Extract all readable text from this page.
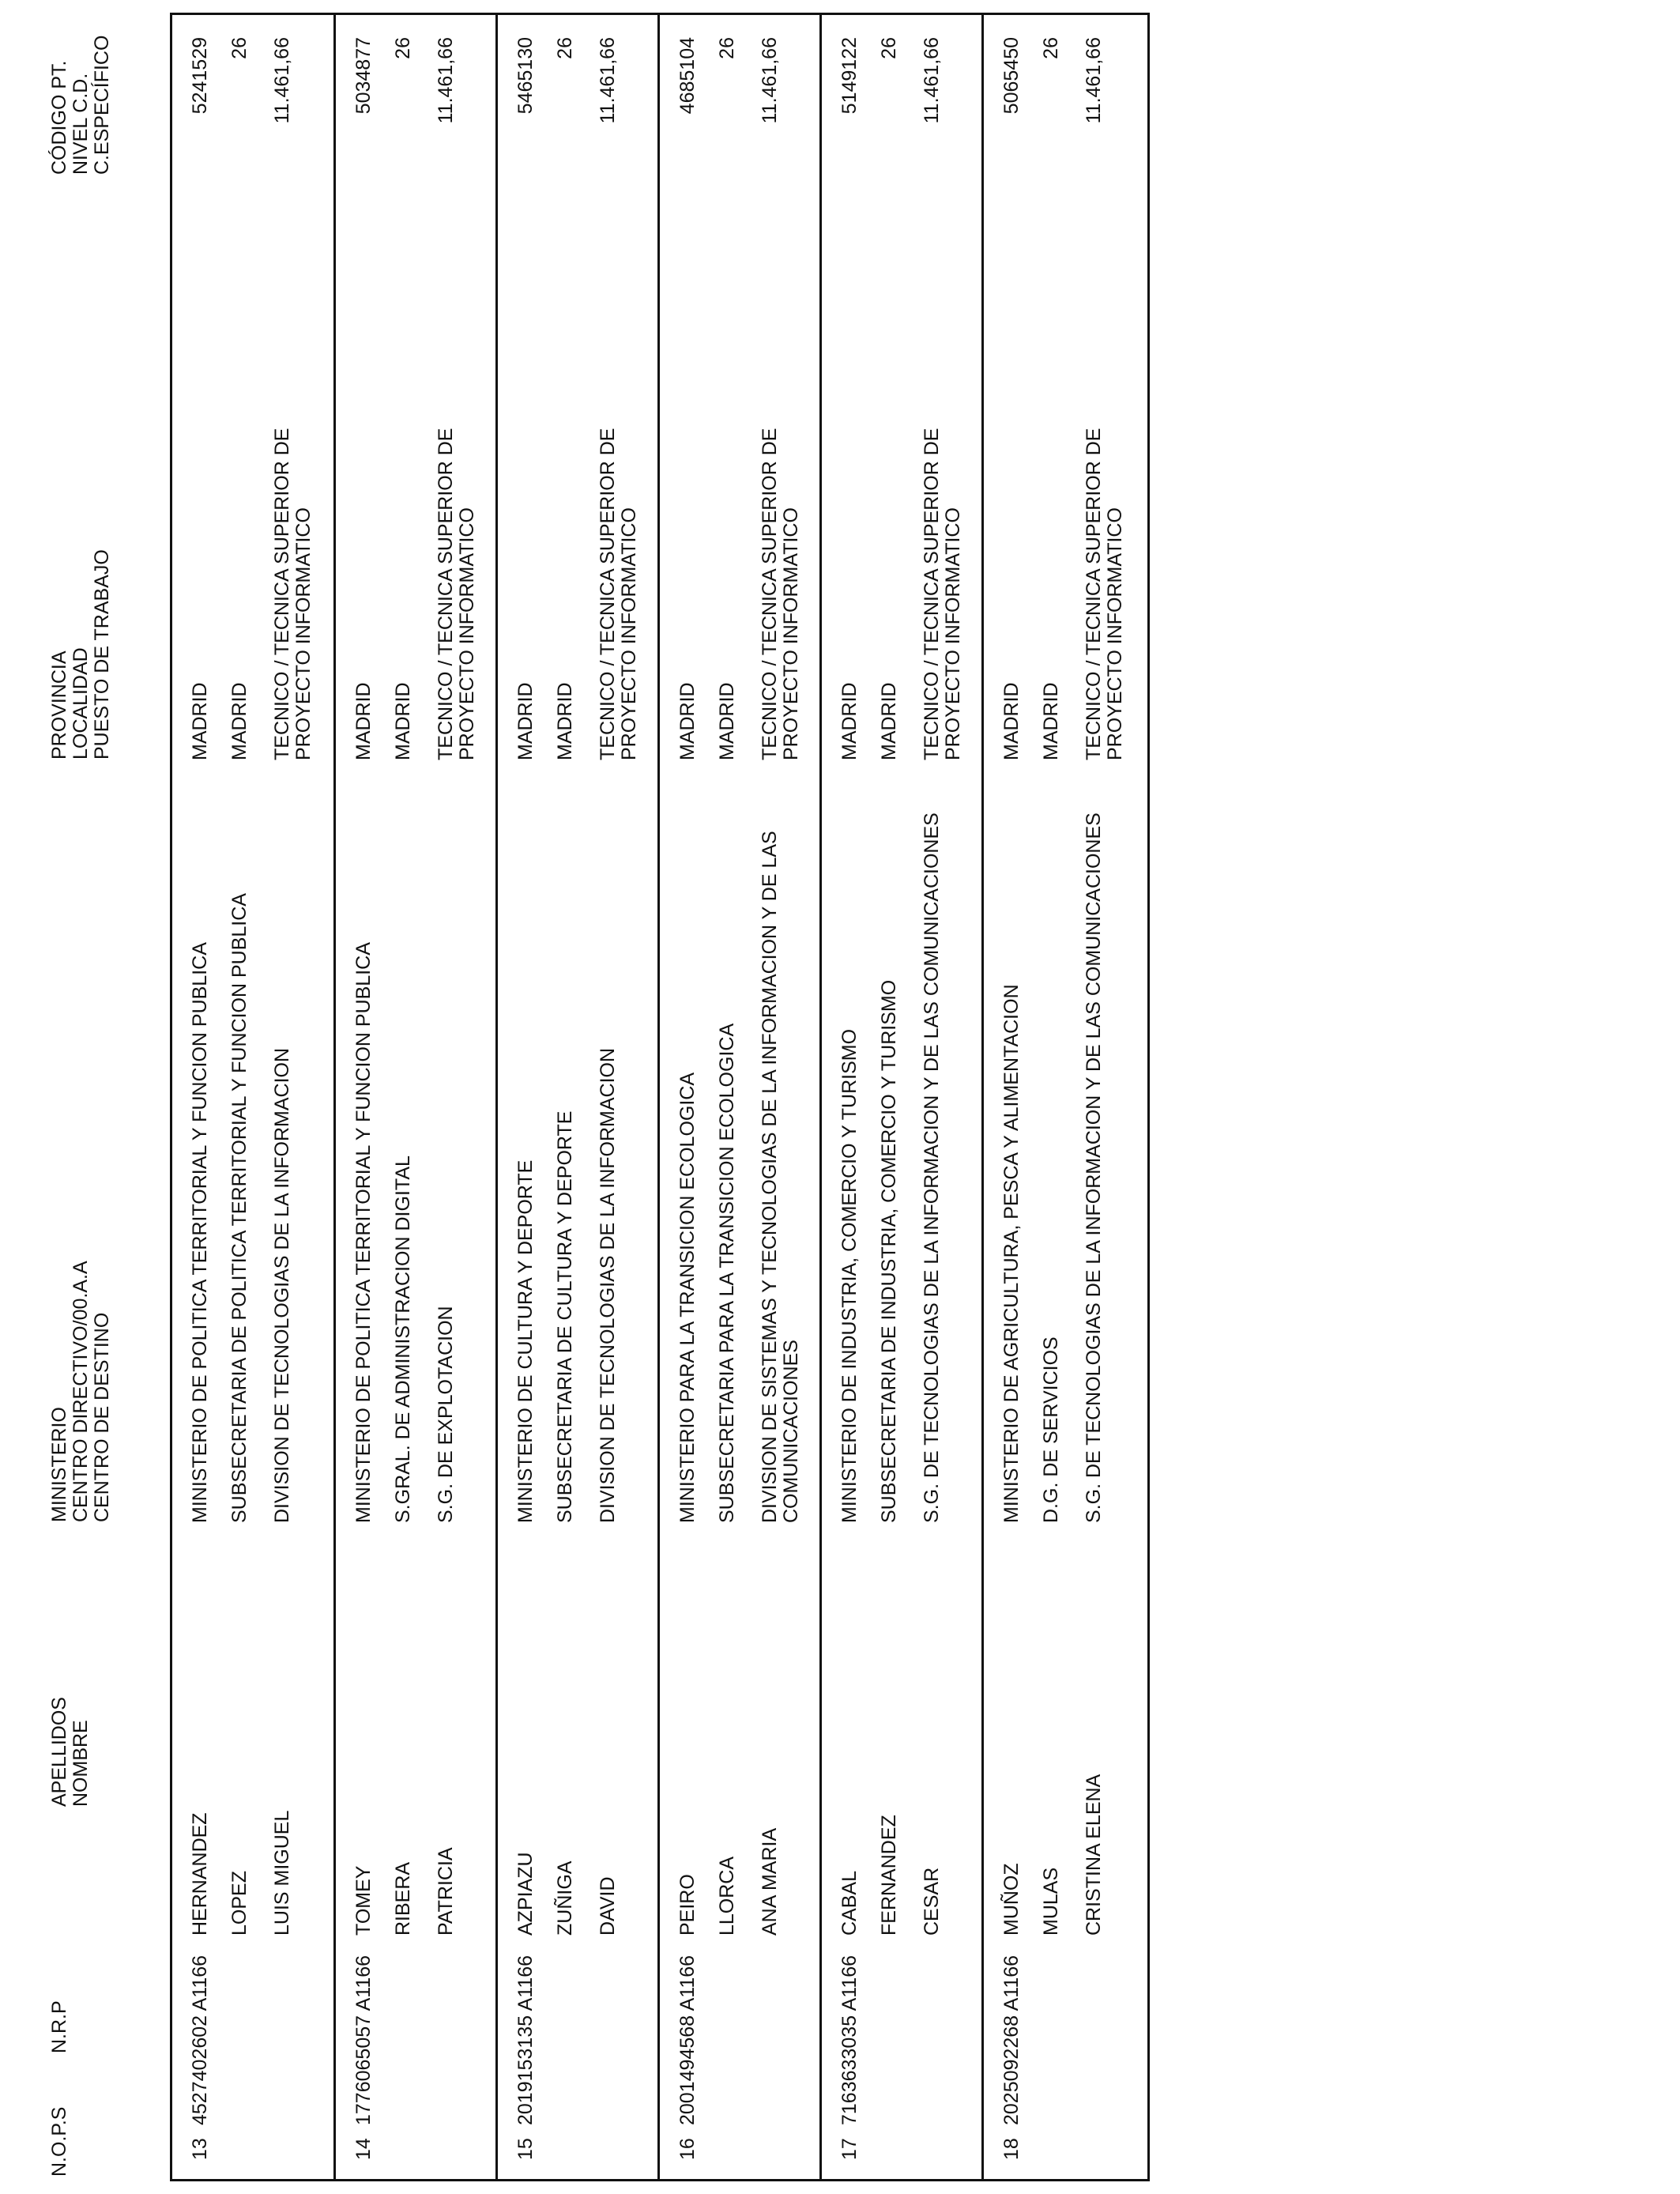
N.O.P.S
N.R.P
APELLIDOS NOMBRE
MINISTERIO CENTRO DIRECTIVO/00.A.A CENTRO DE DESTINO
PROVINCIA LOCALIDAD PUESTO DE TRABAJO
CÓDIGO PT. NIVEL C.D. C.ESPECÍFICO
13
4527402602 A1166
HERNANDEZ LOPEZ LUIS MIGUEL
MINISTERIO DE POLITICA TERRITORIAL Y FUNCION PUBLICA SUBSECRETARIA DE POLITICA TERRITORIAL Y FUNCION PUBLICA DIVISION DE TECNOLOGIAS DE LA INFORMACION
MADRID MADRID TECNICO / TECNICA SUPERIOR DE PROYECTO INFORMATICO
5241529 26 11.461,66
14
1776065057 A1166
TOMEY RIBERA PATRICIA
MINISTERIO DE POLITICA TERRITORIAL Y FUNCION PUBLICA S.GRAL. DE ADMINISTRACION DIGITAL S.G. DE EXPLOTACION
MADRID MADRID TECNICO / TECNICA SUPERIOR DE PROYECTO INFORMATICO
5034877 26 11.461,66
15
2019153135 A1166
AZPIAZU ZUÑIGA DAVID
MINISTERIO DE CULTURA Y DEPORTE SUBSECRETARIA DE CULTURA Y DEPORTE DIVISION DE TECNOLOGIAS DE LA INFORMACION
MADRID MADRID TECNICO / TECNICA SUPERIOR DE PROYECTO INFORMATICO
5465130 26 11.461,66
16
2001494568 A1166
PEIRO LLORCA ANA MARIA
MINISTERIO PARA LA TRANSICION ECOLOGICA SUBSECRETARIA PARA LA TRANSICION ECOLOGICA DIVISION DE SISTEMAS Y TECNOLOGIAS DE LA INFORMACION Y DE LAS COMUNICACIONES
MADRID MADRID TECNICO / TECNICA SUPERIOR DE PROYECTO INFORMATICO
4685104 26 11.461,66
17
7163633035 A1166
CABAL FERNANDEZ CESAR
MINISTERIO DE INDUSTRIA, COMERCIO Y TURISMO SUBSECRETARIA DE INDUSTRIA, COMERCIO Y TURISMO S.G. DE TECNOLOGIAS DE LA INFORMACION Y DE LAS COMUNICACIONES
MADRID MADRID TECNICO / TECNICA SUPERIOR DE PROYECTO INFORMATICO
5149122 26 11.461,66
18
2025092268 A1166
MUÑOZ MULAS CRISTINA ELENA
MINISTERIO DE AGRICULTURA, PESCA Y ALIMENTACION D.G. DE SERVICIOS S.G. DE TECNOLOGIAS DE LA INFORMACION Y DE LAS COMUNICACIONES
MADRID MADRID TECNICO / TECNICA SUPERIOR DE PROYECTO INFORMATICO
5065450 26 11.461,66
